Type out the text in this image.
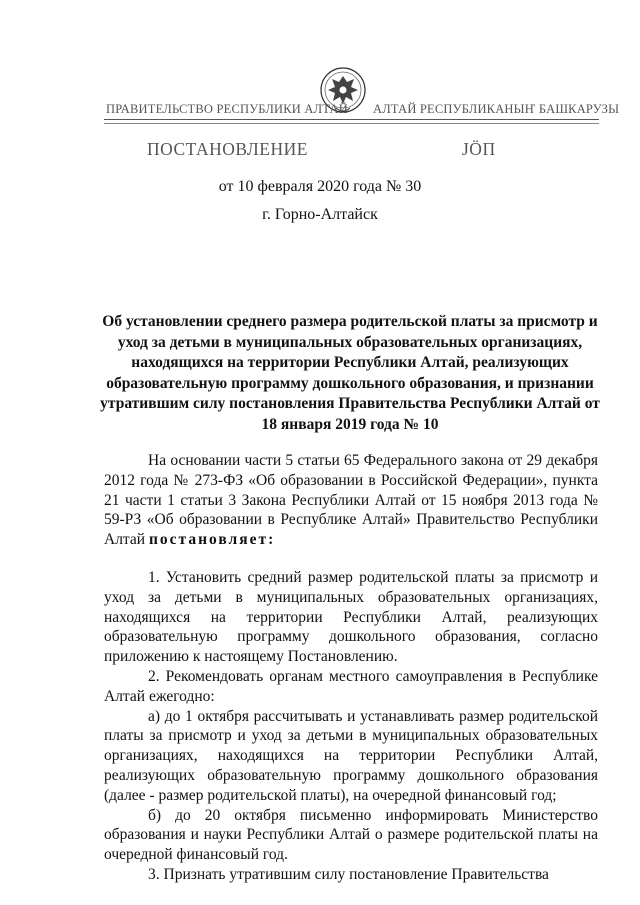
ПРАВИТЕЛЬСТВО РЕСПУБЛИКИ АЛТАЙ АЛТАЙ РЕСПУБЛИКАНЫҤ БАШКАРУЗЫ
ПОСТАНОВЛЕНИЕ	JӦП
от 10 февраля 2020 года № 30
г. Горно-Алтайск
Об установлении среднего размера родительской платы за присмотр и уход за детьми в муниципальных образовательных организациях, находящихся на территории Республики Алтай, реализующих образовательную программу дошкольного образования, и признании утратившим силу постановления Правительства Республики Алтай от 18 января 2019 года № 10

На основании части 5 статьи 65 Федерального закона от 29 декабря 2012 года № 273-ФЗ «Об образовании в Российской Федерации», пункта 21 части 1 статьи 3 Закона Республики Алтай от 15 ноября 2013 года № 59-РЗ «Об образовании в Республике Алтай» Правительство Республики Алтай постановляет:

1. Установить средний размер родительской платы за присмотр и уход за детьми в муниципальных образовательных организациях, находящихся на территории Республики Алтай, реализующих образовательную программу дошкольного образования, согласно приложению к настоящему Постановлению.

2. Рекомендовать органам местного самоуправления в Республике Алтай ежегодно:

а) до 1 октября рассчитывать и устанавливать размер родительской платы за присмотр и уход за детьми в муниципальных образовательных организациях, находящихся на территории Республики Алтай, реализующих образовательную программу дошкольного образования (далее - размер родительской платы), на очередной финансовый год;

б) до 20 октября письменно информировать Министерство образования и науки Республики Алтай о размере родительской платы на очередной финансовый год.

3. Признать утратившим силу постановление Правительства
